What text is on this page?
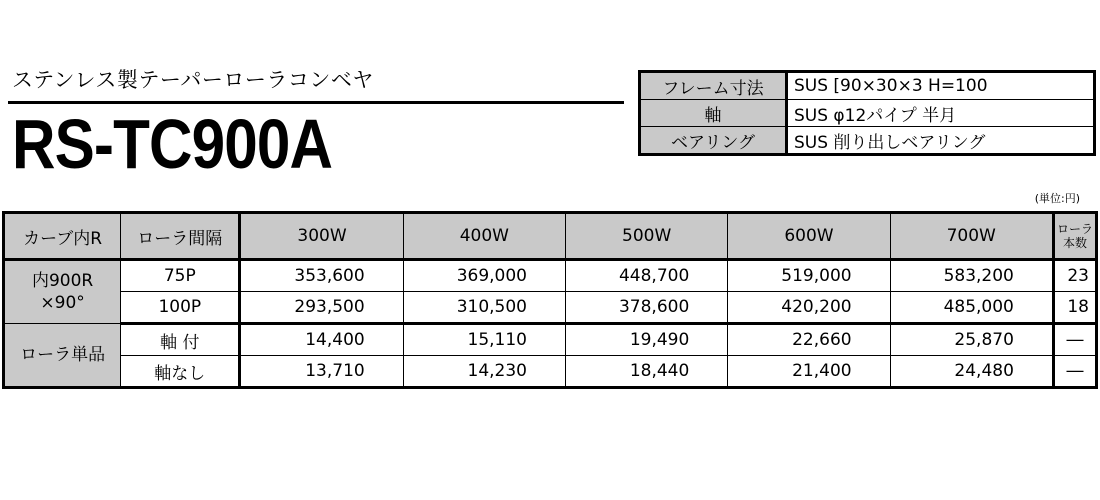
ステンレス製テーパーローラコンベヤ
RS-TC900A
フレーム寸法	SUS [90×30×3 H=100
軸	SUS φ12パイプ 半月
ベアリング	SUS 削り出しベアリング
(単位:円)
カーブ内R	ローラ間隔	300W	400W	500W	600W	700W	ローラ
本数

内900R
×90°	75P	353,600	369,000	448,700	519,000	583,200	23
	100P	293,500	310,500	378,600	420,200	485,000	18
ローラ単品	軸 付	14,400	15,110	19,490	22,660	25,870	―
	軸なし	13,710	14,230	18,440	21,400	24,480	―
